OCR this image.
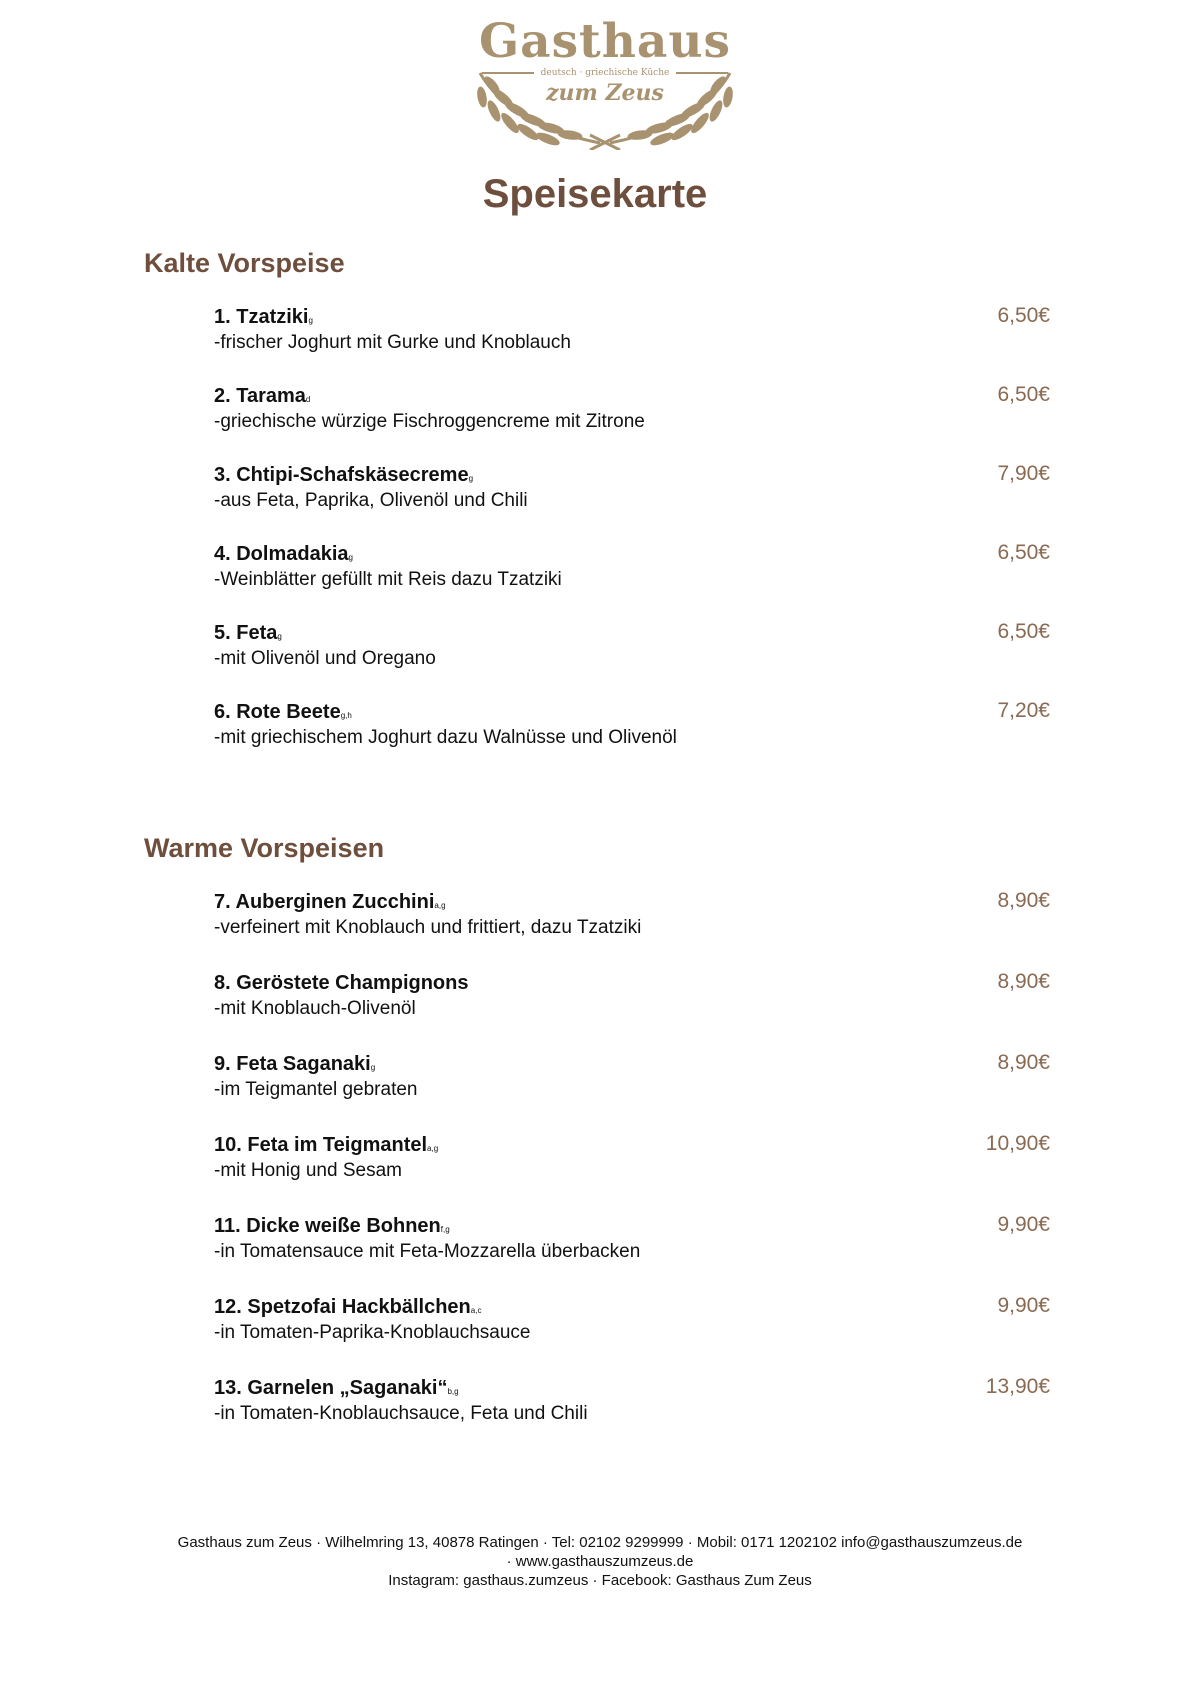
Gasthaus
deutsch · griechische Küche
zum Zeus
Speisekarte
Kalte Vorspeise
1. Tzatzikig
-frischer Joghurt mit Gurke und Knoblauch
6,50€
2. Taramad
-griechische würzige Fischroggencreme mit Zitrone
6,50€
3. Chtipi-Schafskäsecremeg
-aus Feta, Paprika, Olivenöl und Chili
7,90€
4. Dolmadakiag
-Weinblätter gefüllt mit Reis dazu Tzatziki
6,50€
5. Fetag
-mit Olivenöl und Oregano
6,50€
6. Rote Beeteg,h
-mit griechischem Joghurt dazu Walnüsse und Olivenöl
7,20€
Warme Vorspeisen
7. Auberginen Zucchinia,g
-verfeinert mit Knoblauch und frittiert, dazu Tzatziki
8,90€
8. Geröstete Champignons
-mit Knoblauch-Olivenöl
8,90€
9. Feta Saganakig
-im Teigmantel gebraten
8,90€
10. Feta im Teigmantela,g
-mit Honig und Sesam
10,90€
11. Dicke weiße Bohnenf,g
-in Tomatensauce mit Feta-Mozzarella überbacken
9,90€
12. Spetzofai Hackbällchena,c
-in Tomaten-Paprika-Knoblauchsauce
9,90€
13. Garnelen „Saganaki“b,g
-in Tomaten-Knoblauchsauce, Feta und Chili
13,90€
Gasthaus zum Zeus · Wilhelmring 13, 40878 Ratingen · Tel: 02102 9299999 · Mobil: 0171 1202102 info@gasthauszumzeus.de
· www.gasthauszumzeus.de
Instagram: gasthaus.zumzeus · Facebook: Gasthaus Zum Zeus
